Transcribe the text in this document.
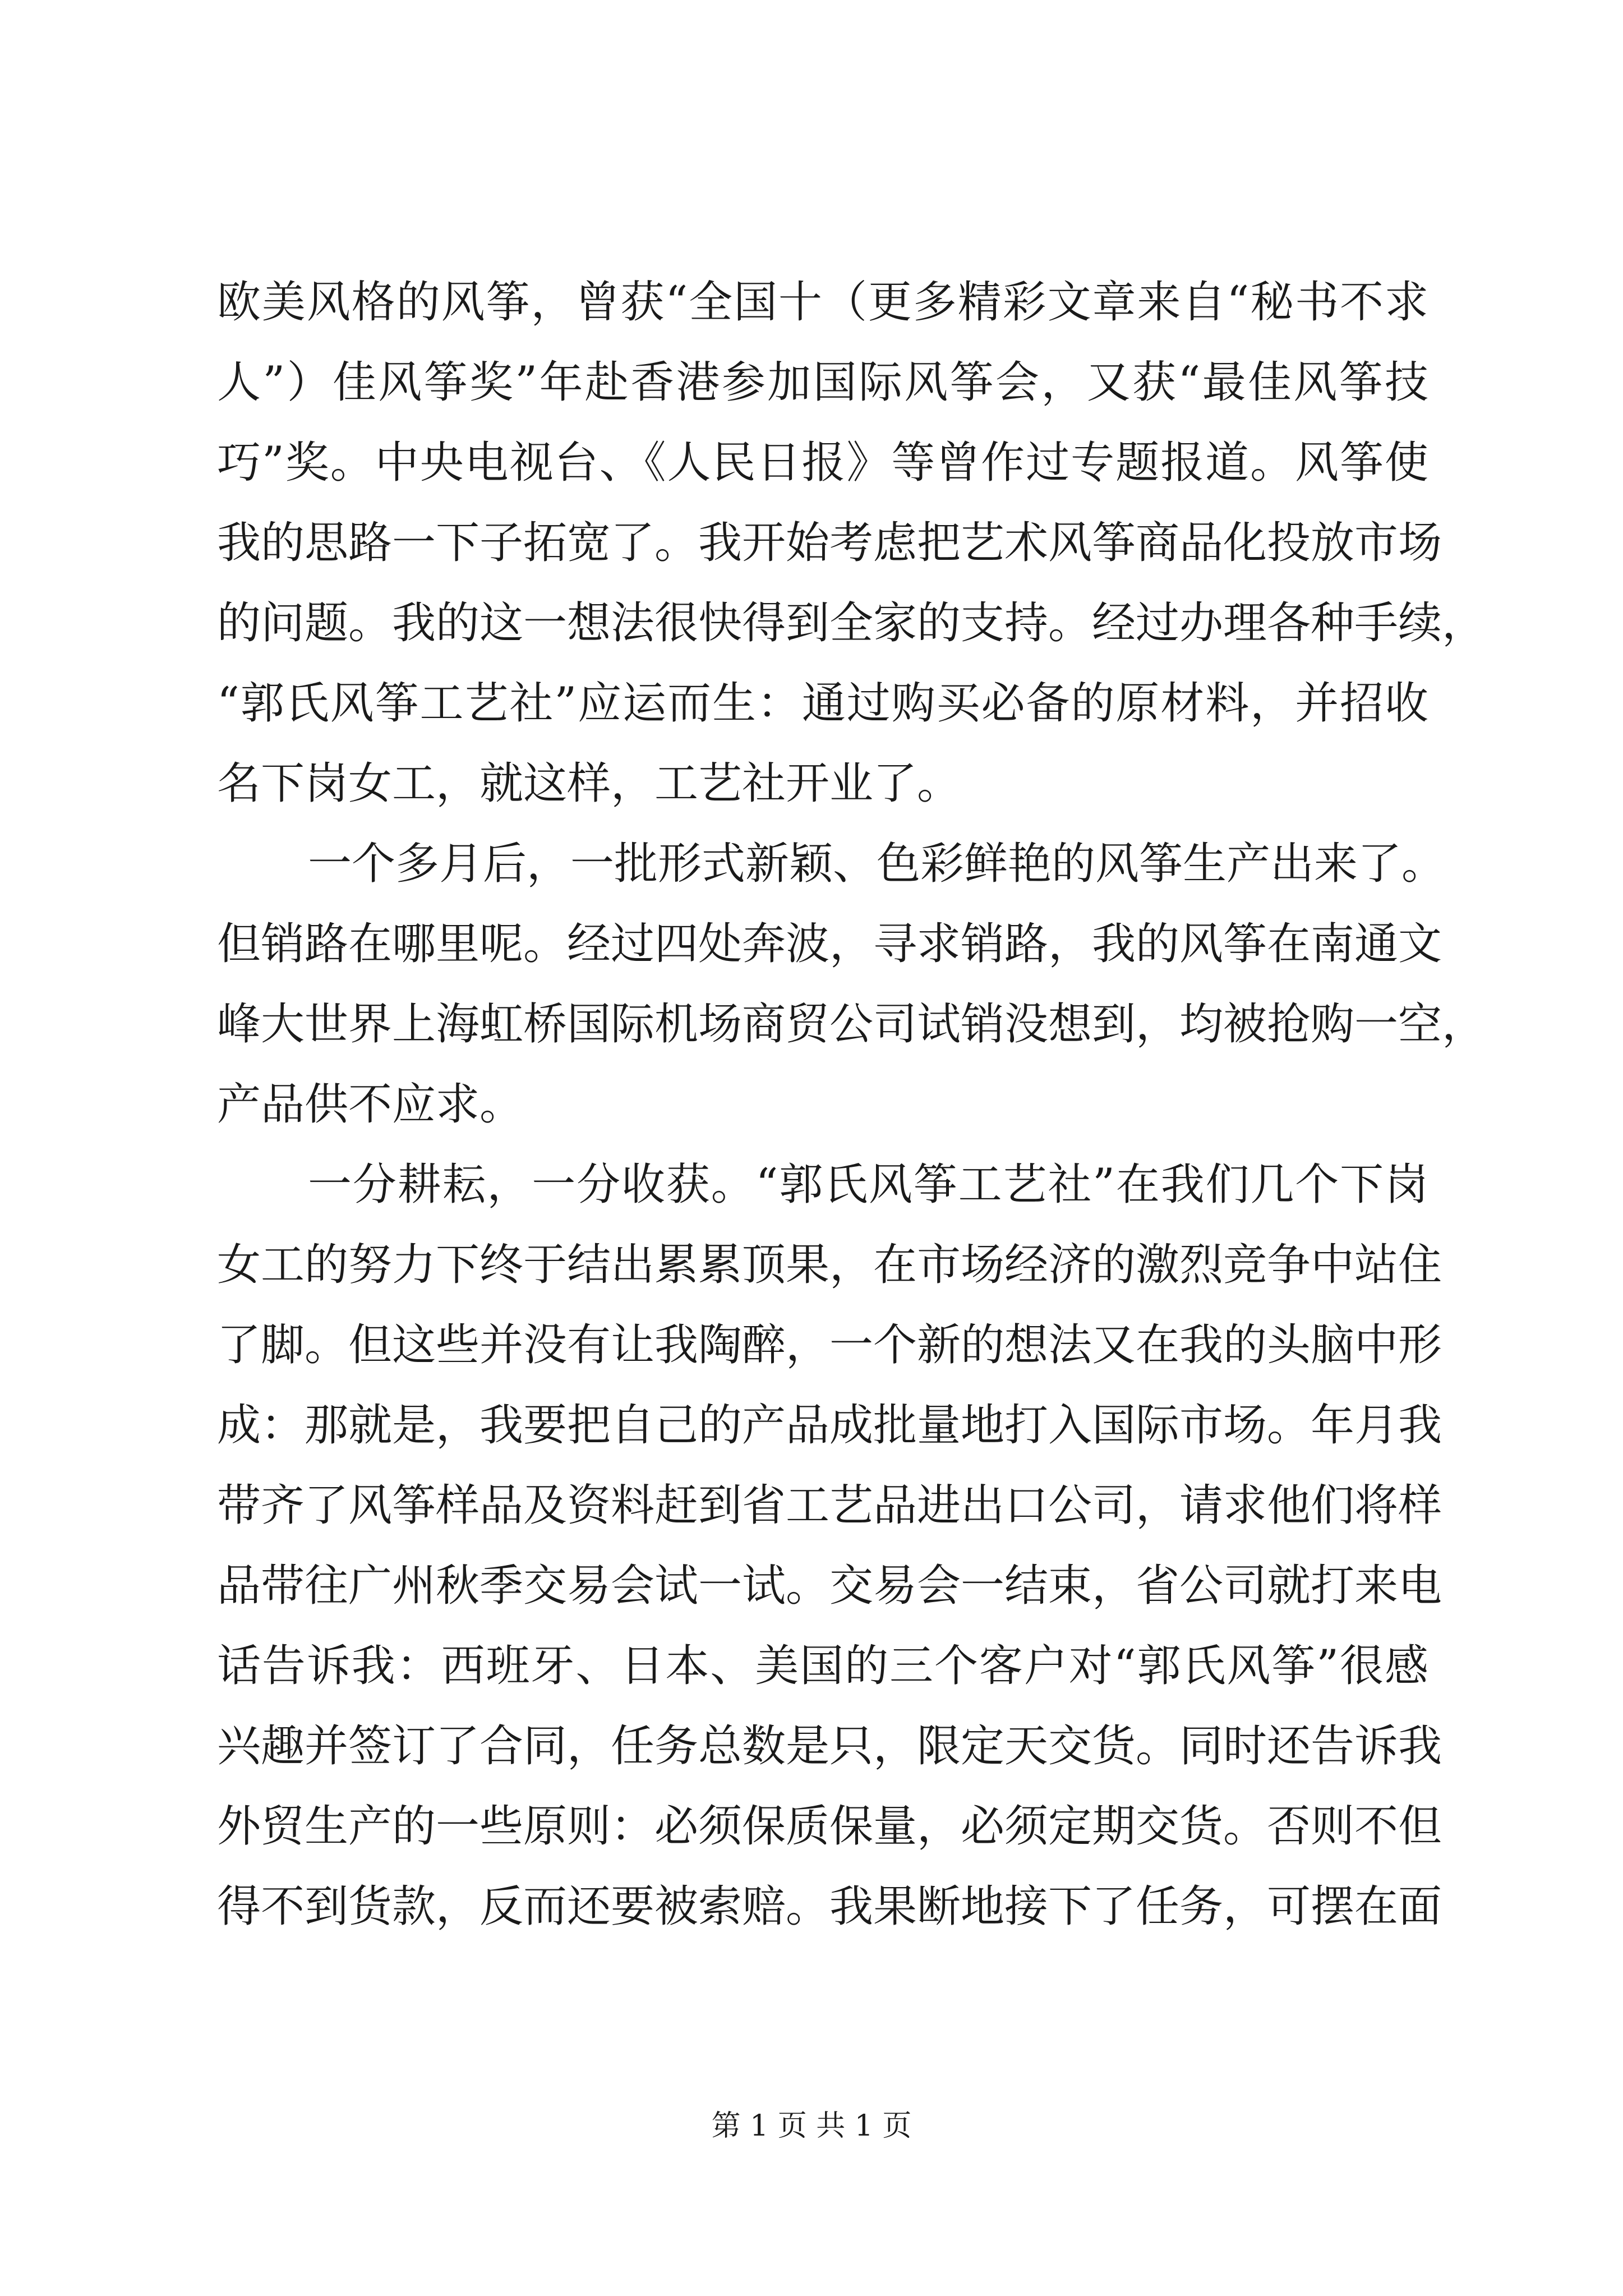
欧美风格的风筝，曾获“全国十（更多精彩文章来自“秘书不求
人”）佳风筝奖”年赴香港参加国际风筝会，又获“最佳风筝技
巧”奖。中央电视台、《人民日报》等曾作过专题报道。风筝使
我的思路一下子拓宽了。我开始考虑把艺术风筝商品化投放市场
的问题。我的这一想法很快得到全家的支持。经过办理各种手续，
“郭氏风筝工艺社”应运而生：通过购买必备的原材料，并招收
名下岗女工，就这样，工艺社开业了。
一个多月后，一批形式新颖、色彩鲜艳的风筝生产出来了。
但销路在哪里呢。经过四处奔波，寻求销路，我的风筝在南通文
峰大世界上海虹桥国际机场商贸公司试销没想到，均被抢购一空，
产品供不应求。
一分耕耘，一分收获。“郭氏风筝工艺社”在我们几个下岗
女工的努力下终于结出累累顶果，在市场经济的激烈竞争中站住
了脚。但这些并没有让我陶醉，一个新的想法又在我的头脑中形
成：那就是，我要把自己的产品成批量地打入国际市场。年月我
带齐了风筝样品及资料赶到省工艺品进出口公司，请求他们将样
品带往广州秋季交易会试一试。交易会一结束，省公司就打来电
话告诉我：西班牙、日本、美国的三个客户对“郭氏风筝”很感
兴趣并签订了合同，任务总数是只，限定天交货。同时还告诉我
外贸生产的一些原则：必须保质保量，必须定期交货。否则不但
得不到货款，反而还要被索赔。我果断地接下了任务，可摆在面
第 1 页 共 1 页
